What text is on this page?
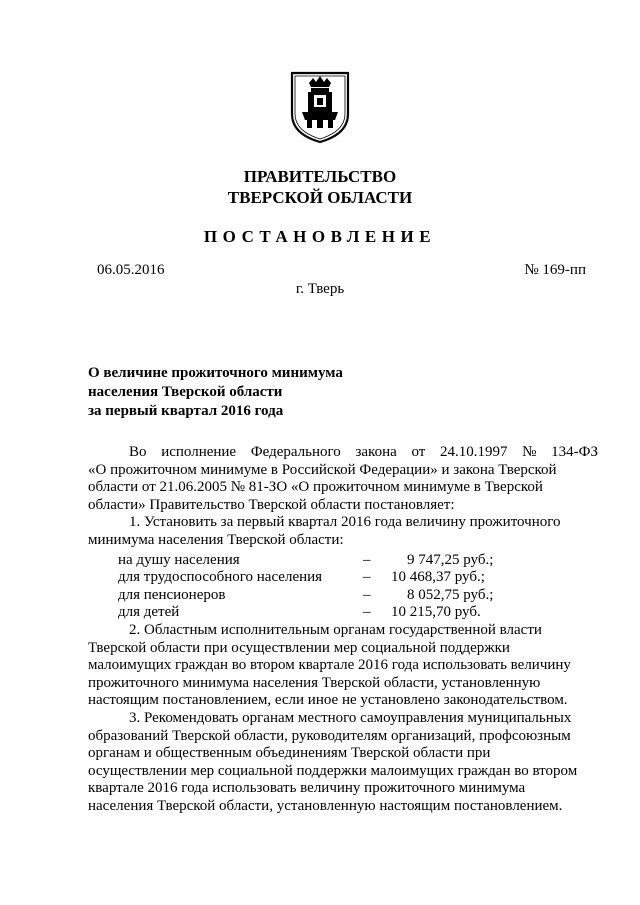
ПРАВИТЕЛЬСТВО
ТВЕРСКОЙ ОБЛАСТИ
ПОСТАНОВЛЕНИЕ
06.05.2016	№ 169-пп
г. Тверь
О величине прожиточного минимума
населения Тверской области
за первый квартал 2016 года
Во исполнение Федерального закона от 24.10.1997 № 134-ФЗ
«О прожиточном минимуме в Российской Федерации» и закона Тверской
области от 21.06.2005 № 81-ЗО «О прожиточном минимуме в Тверской
области» Правительство Тверской области постановляет:
1. Установить за первый квартал 2016 года величину прожиточного
минимума населения Тверской области:
на душу населения	–	9 747,25 руб.;
для трудоспособного населения	–	10 468,37 руб.;
для пенсионеров	–	8 052,75 руб.;
для детей	–	10 215,70 руб.
2. Областным исполнительным органам государственной власти
Тверской области при осуществлении мер социальной поддержки
малоимущих граждан во втором квартале 2016 года использовать величину
прожиточного минимума населения Тверской области, установленную
настоящим постановлением, если иное не установлено законодательством.
3. Рекомендовать органам местного самоуправления муниципальных
образований Тверской области, руководителям организаций, профсоюзным
органам и общественным объединениям Тверской области при
осуществлении мер социальной поддержки малоимущих граждан во втором
квартале 2016 года использовать величину прожиточного минимума
населения Тверской области, установленную настоящим постановлением.
